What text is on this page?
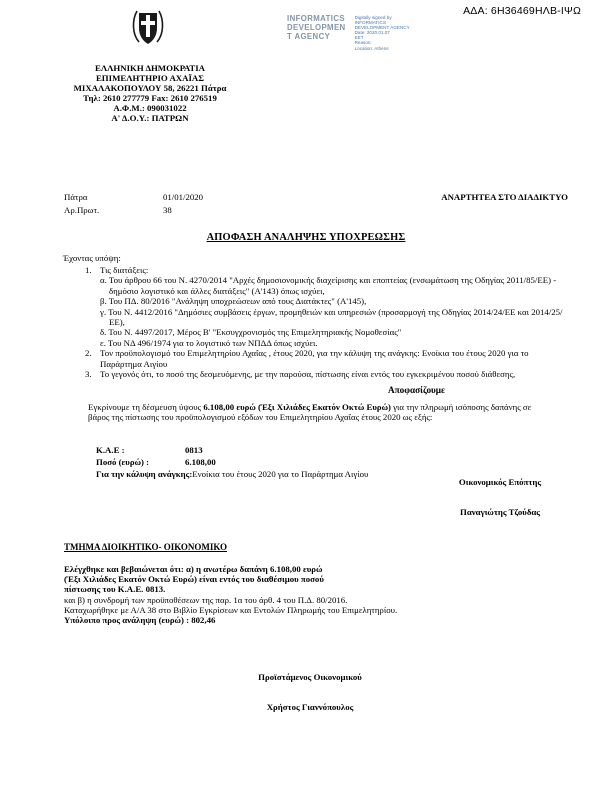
ΑΔΑ: 6Η36469ΗΛΒ-ΙΨΩ
INFORMATICS
DEVELOPMEN
T AGENCY
Digitally signed by
INFORMATICS
DEVELOPMENT AGENCY
Date: 2020.01.07
EET
Reason:
Location: Athens
ΕΛΛΗΝΙΚΗ ΔΗΜΟΚΡΑΤΙΑ
ΕΠΙΜΕΛΗΤΗΡΙΟ ΑΧΑΪΑΣ
ΜΙΧΑΛΑΚΟΠΟΥΛΟΥ 58, 26221 Πάτρα
Τηλ: 2610 277779 Fax: 2610 276519
Α.Φ.Μ.: 090031022
Α' Δ.Ο.Υ.: ΠΑΤΡΩΝ
Πάτρα	01/01/2020	ΑΝΑΡΤΗΤΕΑ ΣΤΟ ΔΙΑΔΙΚΤΥΟ
Αρ.Πρωτ.	38
ΑΠΟΦΑΣΗ ΑΝΑΛΗΨΗΣ ΥΠΟΧΡΕΩΣΗΣ
Έχοντας υπόψη:
1. Τις διατάξεις:
α. Του άρθρου 66 του Ν. 4270/2014 "Αρχές δημοσιονομικής διαχείρισης και εποπτείας (ενσωμάτωση της Οδηγίας 2011/85/ΕΕ) - δημόσιο λογιστικό και άλλες διατάξεις" (Α'143) όπως ισχύει,
β. Του ΠΔ. 80/2016 "Ανάληψη υποχρεώσεων από τους Διατάκτες" (Α'145),
γ. Του Ν. 4412/2016 "Δημόσιες συμβάσεις έργων, προμηθειών και υπηρεσιών (προσαρμογή της Οδηγίας 2014/24/ΕΕ και 2014/25/ΕΕ),
δ. Του Ν. 4497/2017, Μέρος Β' "Εκσυγχρονισμός της Επιμελητηριακής Νομοθεσίας"
ε. Του ΝΔ 496/1974 για το λογιστικό των ΝΠΔΔ όπως ισχύει.
2. Τον προϋπολογισμό του Επιμελητηρίου Αχαΐας , έτους 2020, για την κάλυψη της ανάγκης: Ενοίκια του έτους 2020 για το Παράρτημα Αιγίου
3. Το γεγονός ότι, το ποσό της δεσμευόμενης, με την παρούσα, πίστωσης είναι εντός του εγκεκριμένου ποσού διάθεσης,
Αποφασίζουμε
Εγκρίνουμε τη δέσμευση ύψους 6.108,00 ευρώ (Έξι Χιλιάδες Εκατόν Οκτώ Ευρώ) για την πληρωμή ισόποσης δαπάνης σε βάρος της πίστωσης του προϋπολογισμού εξόδων του Επιμελητηρίου Αχαΐας έτους 2020 ως εξής:
Κ.Α.Ε :	0813
Ποσό (ευρώ) :	6.108,00
Για την κάλυψη ανάγκης:Ενοίκια του έτους 2020 για το Παράρτημα Αιγίου
Οικονομικός Επόπτης
Παναγιώτης Τζούδας
ΤΜΗΜΑ ΔΙΟΙΚΗΤΙΚΟ- ΟΙΚΟΝΟΜΙΚΟ
Ελέγχθηκε και βεβαιώνεται ότι: α) η ανωτέρω δαπάνη 6.108,00 ευρώ
(Έξι Χιλιάδες Εκατόν Οκτώ Ευρώ) είναι εντός του διαθέσιμου ποσού
πίστωσης του Κ.Α.Ε. 0813.
και β) η συνδρομή των προϋποθέσεων της παρ. 1α του άρθ. 4 του Π.Δ. 80/2016.
Καταχωρήθηκε με Α/Α 38 στο Βιβλίο Εγκρίσεων και Εντολών Πληρωμής του Επιμελητηρίου.
Υπόλοιπο προς ανάληψη (ευρώ) : 802,46
Προϊστάμενος Οικονομικού
Χρήστος Γιαννόπουλος
